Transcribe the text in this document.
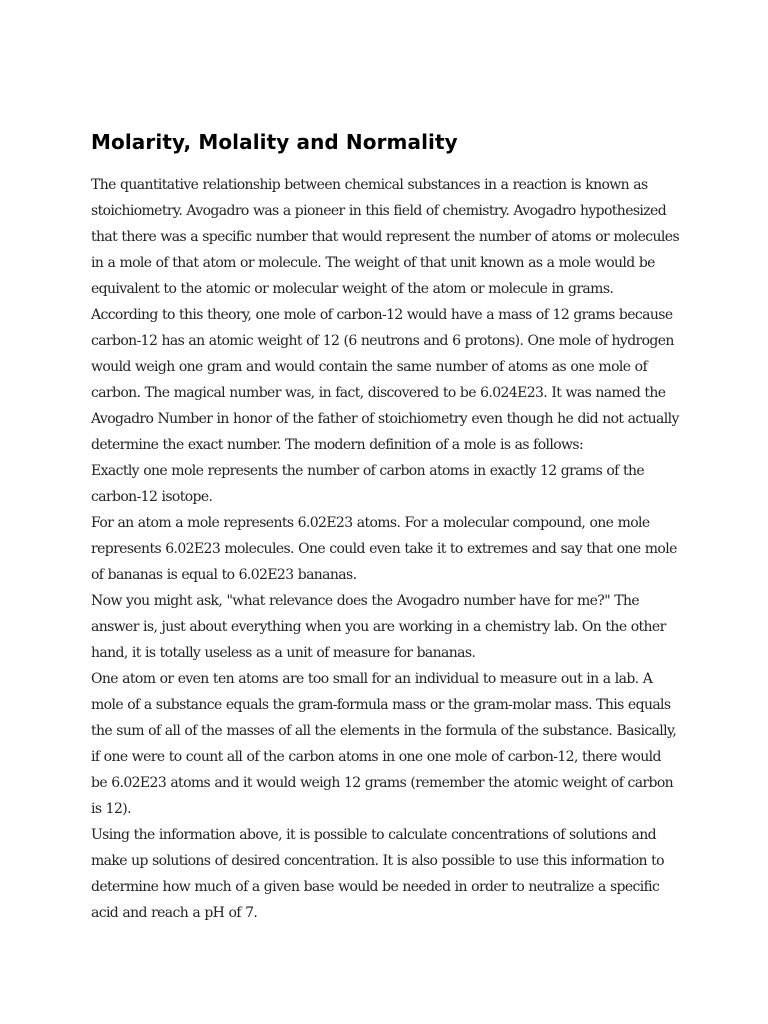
Molarity, Molality and Normality

The quantitative relationship between chemical substances in a reaction is known as stoichiometry. Avogadro was a pioneer in this field of chemistry. Avogadro hypothesized that there was a specific number that would represent the number of atoms or molecules in a mole of that atom or molecule. The weight of that unit known as a mole would be equivalent to the atomic or molecular weight of the atom or molecule in grams. According to this theory, one mole of carbon-12 would have a mass of 12 grams because carbon-12 has an atomic weight of 12 (6 neutrons and 6 protons). One mole of hydrogen would weigh one gram and would contain the same number of atoms as one mole of carbon. The magical number was, in fact, discovered to be 6.024E23. It was named the Avogadro Number in honor of the father of stoichiometry even though he did not actually determine the exact number. The modern definition of a mole is as follows:

Exactly one mole represents the number of carbon atoms in exactly 12 grams of the carbon-12 isotope.

For an atom a mole represents 6.02E23 atoms. For a molecular compound, one mole represents 6.02E23 molecules. One could even take it to extremes and say that one mole of bananas is equal to 6.02E23 bananas.

Now you might ask, "what relevance does the Avogadro number have for me?" The answer is, just about everything when you are working in a chemistry lab. On the other hand, it is totally useless as a unit of measure for bananas.

One atom or even ten atoms are too small for an individual to measure out in a lab. A mole of a substance equals the gram-formula mass or the gram-molar mass. This equals the sum of all of the masses of all the elements in the formula of the substance. Basically, if one were to count all of the carbon atoms in one one mole of carbon-12, there would be 6.02E23 atoms and it would weigh 12 grams (remember the atomic weight of carbon is 12).

Using the information above, it is possible to calculate concentrations of solutions and make up solutions of desired concentration. It is also possible to use this information to determine how much of a given base would be needed in order to neutralize a specific acid and reach a pH of 7.
